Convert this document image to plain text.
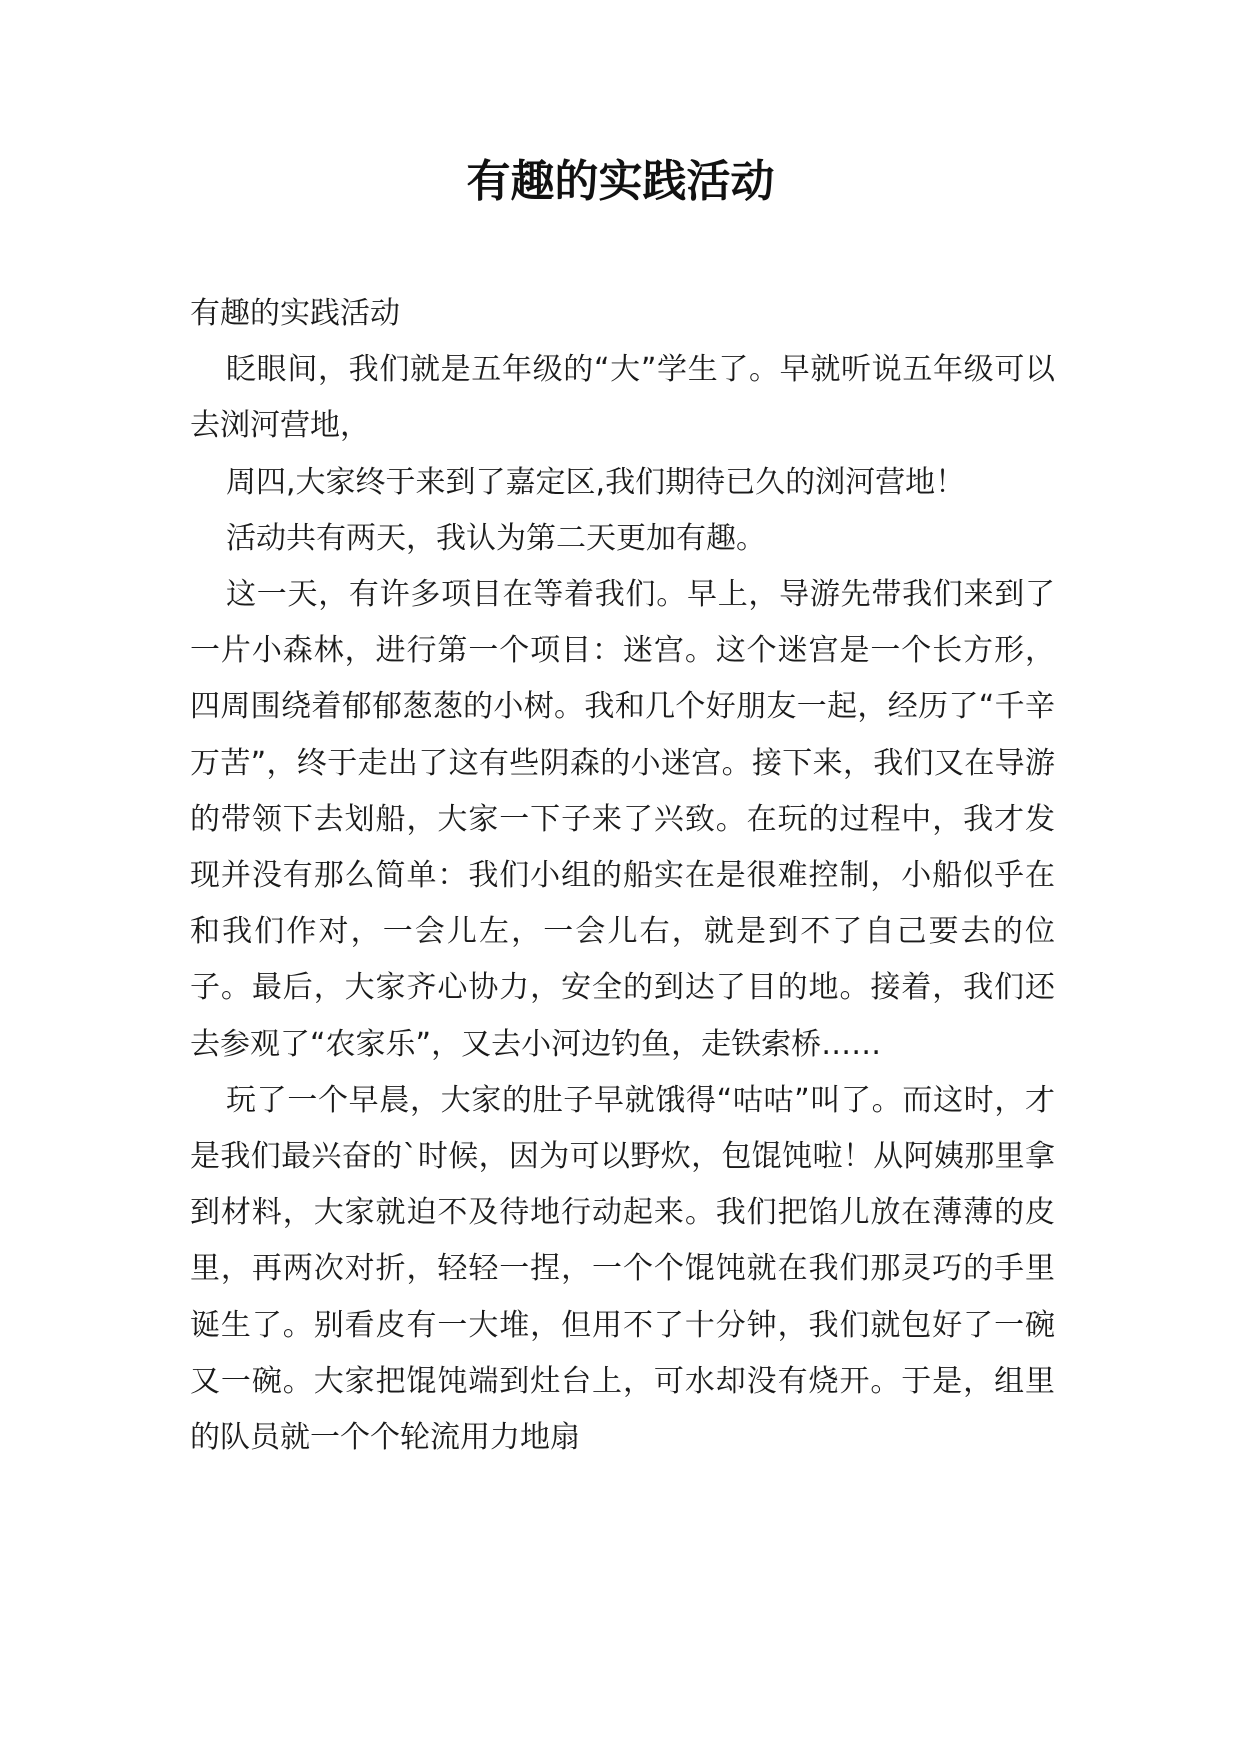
有趣的实践活动

有趣的实践活动

眨眼间，我们就是五年级的“大”学生了。早就听说五年级可以去浏河营地，

周四,大家终于来到了嘉定区,我们期待已久的浏河营地！

活动共有两天，我认为第二天更加有趣。

这一天，有许多项目在等着我们。早上，导游先带我们来到了一片小森林，进行第一个项目：迷宫。这个迷宫是一个长方形，四周围绕着郁郁葱葱的小树。我和几个好朋友一起，经历了“千辛万苦”，终于走出了这有些阴森的小迷宫。接下来，我们又在导游的带领下去划船，大家一下子来了兴致。在玩的过程中，我才发现并没有那么简单：我们小组的船实在是很难控制，小船似乎在和我们作对，一会儿左，一会儿右，就是到不了自己要去的位子。最后，大家齐心协力，安全的到达了目的地。接着，我们还去参观了“农家乐”，又去小河边钓鱼，走铁索桥……

玩了一个早晨，大家的肚子早就饿得“咕咕”叫了。而这时，才是我们最兴奋的`时候，因为可以野炊，包馄饨啦！从阿姨那里拿到材料，大家就迫不及待地行动起来。我们把馅儿放在薄薄的皮里，再两次对折，轻轻一捏，一个个馄饨就在我们那灵巧的手里诞生了。别看皮有一大堆，但用不了十分钟，我们就包好了一碗又一碗。大家把馄饨端到灶台上，可水却没有烧开。于是，组里的队员就一个个轮流用力地扇
